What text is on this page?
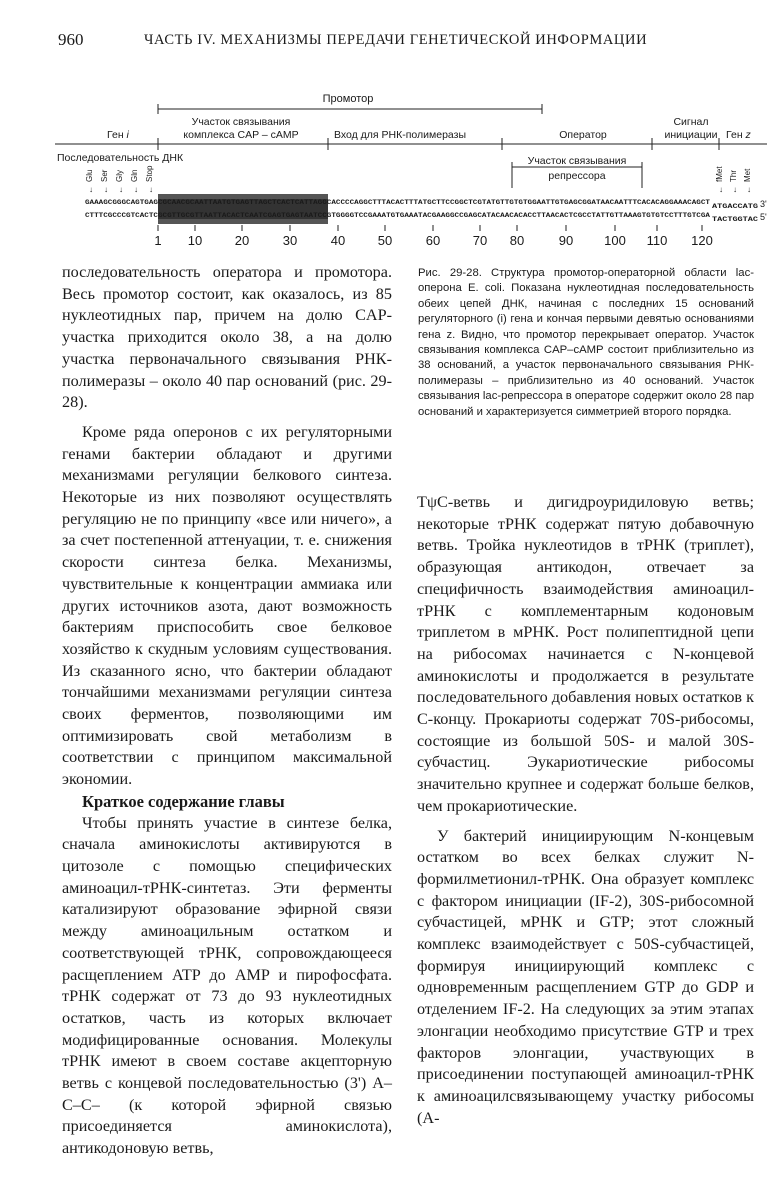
960	ЧАСТЬ IV. МЕХАНИЗМЫ ПЕРЕДАЧИ ГЕНЕТИЧЕСКОЙ ИНФОРМАЦИИ
Промотор
Участок связывания
комплекса CAP – cAMP	Вход для РНК-полимеразы	Оператор
Сигнал
инициации
Ген i	Ген z
Последовательность ДНК	Участок связывания
репрессора
Glu
↓
Ser
↓
Gly
↓
Gln
↓
Stop
↓
fMet
↓
Thr
↓
Met
↓
GAAAGCGGGCAGTGAGCGCAACGCAATTAATGTGAGTTAGCTCACTCATTAGGCACCCCAGGCTTTACACTTTATGCTTCCGGCTCGTATGTTGTGTGGAATTGTGAGCGGATAACAATTTCACACAGGAAACAGCT
CTTTCGCCCGTCACTCGCGTTGCGTTAATTACACTCAATCGAGTGAGTAATCCGTGGGGTCCGAAATGTGAAATACGAAGGCCGAGCATACAACACACCTTAACACTCGCCTATTGTTAAAGTGTGTCCTTTGTCGA
ATGACCATG
TACTGGTAC
3'
5'
1 10	20	30	40	50	60	70 80	90 100 110 120

Рис. 29-28. Структура промотор-операторной области lac-оперона E. coli. Показана нуклеотидная последовательность обеих цепей ДНК, начиная с последних 15 оснований регуляторного (i) гена и кончая первыми девятью основаниями гена z. Видно, что промотор перекрывает оператор. Участок связывания комплекса CAP–cAMP состоит приблизительно из 38 оснований, а участок первоначального связывания РНК-полимеразы – приблизительно из 40 оснований. Участок связывания lac-репрессора в операторе содержит около 28 пар оснований и характеризуется симметрией второго порядка.

последовательность оператора и промотора. Весь промотор состоит, как оказалось, из 85 нуклеотидных пар, причем на долю CAP-участка приходится около 38, а на долю участка первоначального связывания РНК-полимеразы – около 40 пар оснований (рис. 29-28).

Кроме ряда оперонов с их регуляторными генами бактерии обладают и другими механизмами регуляции белкового синтеза. Некоторые из них позволяют осуществлять регуляцию не по принципу «все или ничего», а за счет постепенной аттенуации, т. е. снижения скорости синтеза белка. Механизмы, чувствительные к концентрации аммиака или других источников азота, дают возможность бактериям приспособить свое белковое хозяйство к скудным условиям существования. Из сказанного ясно, что бактерии обладают тончайшими механизмами регуляции синтеза своих ферментов, позволяющими им оптимизировать свой метаболизм в соответствии с принципом максимальной экономии.

Краткое содержание главы

Чтобы принять участие в синтезе белка, сначала аминокислоты активируются в цитозоле с помощью специфических аминоацил-тРНК-синтетаз. Эти ферменты катализируют образование эфирной связи между аминоацильным остатком и соответствующей тРНК, сопровождающееся расщеплением ATP до AMP и пирофосфата. тРНК содержат от 73 до 93 нуклеотидных остатков, часть из которых включает модифицированные основания. Молекулы тРНК имеют в своем составе акцепторную ветвь с концевой последовательностью (3') A–C–C– (к которой эфирной связью присоединяется аминокислота), антикодоновую ветвь,

TψC-ветвь и дигидроуридиловую ветвь; некоторые тРНК содержат пятую добавочную ветвь. Тройка нуклеотидов в тРНК (триплет), образующая антикодон, отвечает за специфичность взаимодействия аминоацил-тРНК с комплементарным кодоновым триплетом в мРНК. Рост полипептидной цепи на рибосомах начинается с N-концевой аминокислоты и продолжается в результате последовательного добавления новых остатков к C-концу. Прокариоты содержат 70S-рибосомы, состоящие из большой 50S- и малой 30S-субчастиц. Эукариотические рибосомы значительно крупнее и содержат больше белков, чем прокариотические.

У бактерий инициирующим N-концевым остатком во всех белках служит N-формилметионил-тРНК. Она образует комплекс с фактором инициации (IF-2), 30S-рибосомной субчастицей, мРНК и GTP; этот сложный комплекс взаимодействует с 50S-субчастицей, формируя инициирующий комплекс с одновременным расщеплением GTP до GDP и отделением IF-2. На следующих за этим этапах элонгации необходимо присутствие GTP и трех факторов элонгации, участвующих в присоединении поступающей аминоацил-тРНК к аминоацилсвязывающему участку рибосомы (A-
